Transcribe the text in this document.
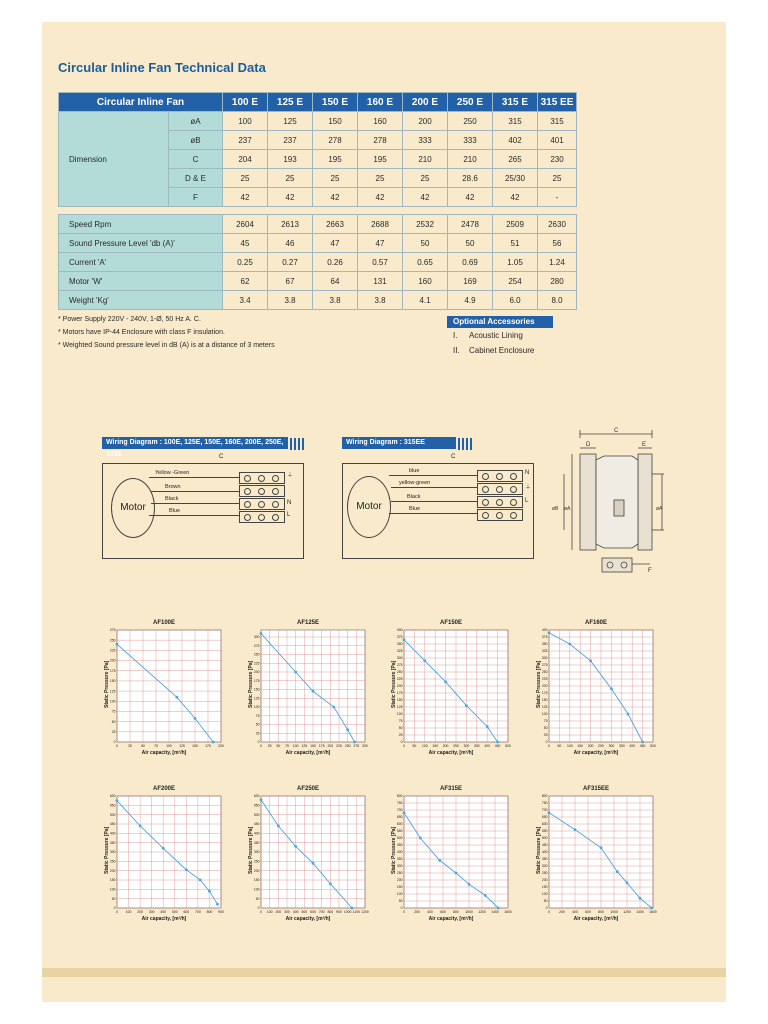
Circular Inline Fan Technical Data
Circular Inline Fan		100 E	125 E	150 E	160 E	200 E	250 E	315 E	315 EE
Dimension	øA	100	125	150	160	200	250	315	315
	øB	237	237	278	278	333	333	402	401
	C	204	193	195	195	210	210	265	230
	D & E	25	25	25	25	25	28.6	25/30	25
	F	42	42	42	42	42	42	42	-

Speed Rpm		2604	2613	2663	2688	2532	2478	2509	2630
Sound Pressure Level 'db (A)'		45	46	47	47	50	50	51	56
Current 'A'		0.25	0.27	0.26	0.57	0.65	0.69	1.05	1.24
Motor 'W'		62	67	64	131	160	169	254	280
Weight 'Kg'		3.4	3.8	3.8	3.8	4.1	4.9	6.0	8.0
* Power Supply 220V - 240V, 1-Ø, 50 Hz A. C.
* Motors have IP-44 Enclosure with class F insulation.
* Weighted Sound pressure level in dB (A) is at a distance of 3 meters
Optional Accessories
I. Acoustic Lining
II. Cabinet Enclosure
Wiring Diagram : 100E, 125E, 150E, 160E, 200E, 250E, 315E
Motor
C
Yellow -Green
Brown
Black
Blue
⏚
N
L
Wiring Diagram : 315EE
Motor
C
blue
yellow-green
Black
Blue
N
⏚
L
C
D	E
øB øA	øA
F
AF100E
0	25	50	75 100 125 150 175 200
0
25
50
75
100
125
150
175
200
225
250
275
Static Pressure [Pa]
Air capacity, [m³/h]
AF125E
0 25 50 75 100 125 150 175 200 225 250 275 300
0
25
50
75
100
125
150
175
200
225
250
275
300
Static Pressure [Pa]
Air capacity, [m³/h]
AF150E
0 50 100 150 200 250 300 350 400 450 500
0
25
50
75
100
125
150
175
200
225
250
275
300
325
350
375
400
Static Pressure [Pa]
Air capacity, [m³/h]
AF160E
0 50 100 150 200 250 300 350 400 450 500
0
25
50
75
100
125
150
175
200
225
250
275
300
325
350
375
400
Static Pressure [Pa]
Air capacity, [m³/h]
AF200E
0 100 200 300 400 500 600 700 800 900
0
50
100
150
200
250
300
350
400
450
500
550
600
Static Pressure [Pa]
Air capacity, [m³/h]
AF250E
0 100 200 300 400 500 600 700 800 900 1000 1100 1200
0
50
100
150
200
250
300
350
400
450
500
550
600
Static Pressure [Pa]
Air capacity, [m³/h]
AF315E
0	200 400 600 800 1000 1200 1400 1600
0
50
100
150
200
250
300
350
400
450
500
550
600
650
700
750
800
Static Pressure [Pa]
Air capacity, [m³/h]
AF315EE
0	200 400 600 800 1000 1200 1400 1600
0
50
100
150
200
250
300
350
400
450
500
550
600
650
700
750
800
Static Pressure [Pa]
Air capacity, [m³/h]
